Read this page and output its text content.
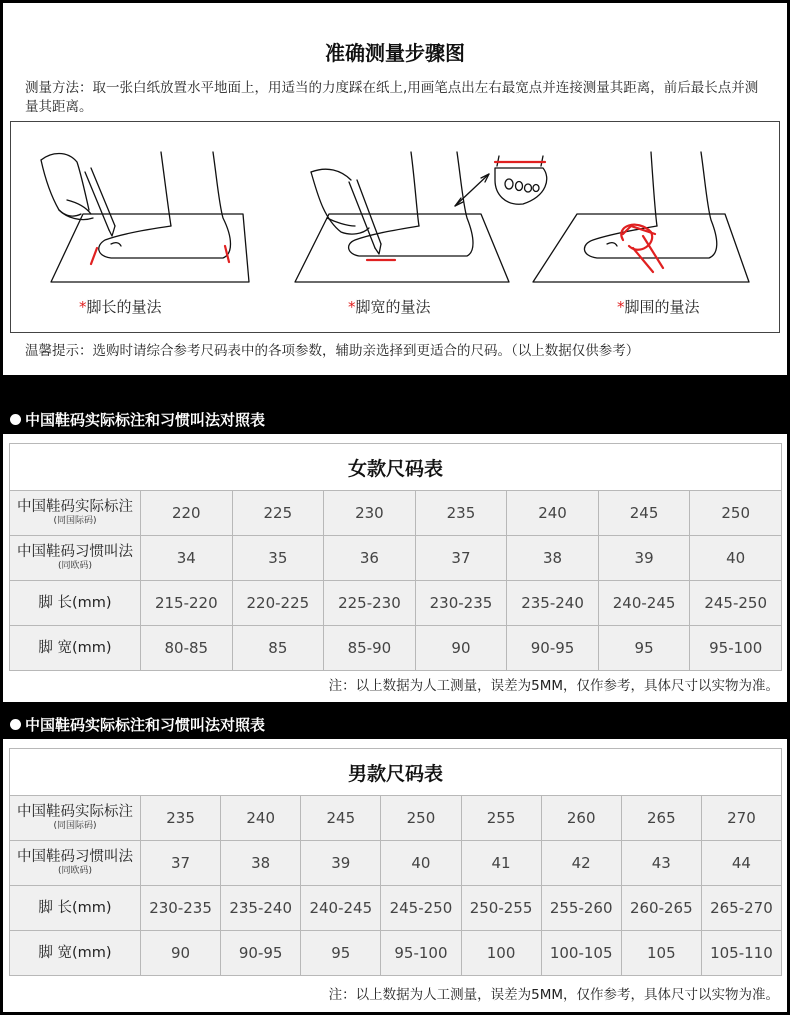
准确测量步骤图
测量方法：取一张白纸放置水平地面上，用适当的力度踩在纸上,用画笔点出左右最宽点并连接测量其距离，前后最长点并测量其距离。
*脚长的量法	*脚宽的量法	*脚围的量法
温馨提示：选购时请综合参考尺码表中的各项参数，辅助亲选择到更适合的尺码。（以上数据仅供参考）
中国鞋码实际标注和习惯叫法对照表
女款尺码表							
中国鞋码实际标注
(同国际码)	220	225	230	235	240	245	250
中国鞋码习惯叫法
(同欧码)	34	35	36	37	38	39	40
脚 长(mm)	215-220	220-225	225-230	230-235	235-240	240-245	245-250
脚 宽(mm)	80-85	85	85-90	90	90-95	95	95-100
注：以上数据为人工测量，误差为5MM，仅作参考，具体尺寸以实物为准。
中国鞋码实际标注和习惯叫法对照表
男款尺码表								
中国鞋码实际标注
(同国际码)	235	240	245	250	255	260	265	270
中国鞋码习惯叫法
(同欧码)	37	38	39	40	41	42	43	44
脚 长(mm)	230-235	235-240	240-245	245-250	250-255	255-260	260-265	265-270
脚 宽(mm)	90	90-95	95	95-100	100	100-105	105	105-110
注：以上数据为人工测量，误差为5MM，仅作参考，具体尺寸以实物为准。
